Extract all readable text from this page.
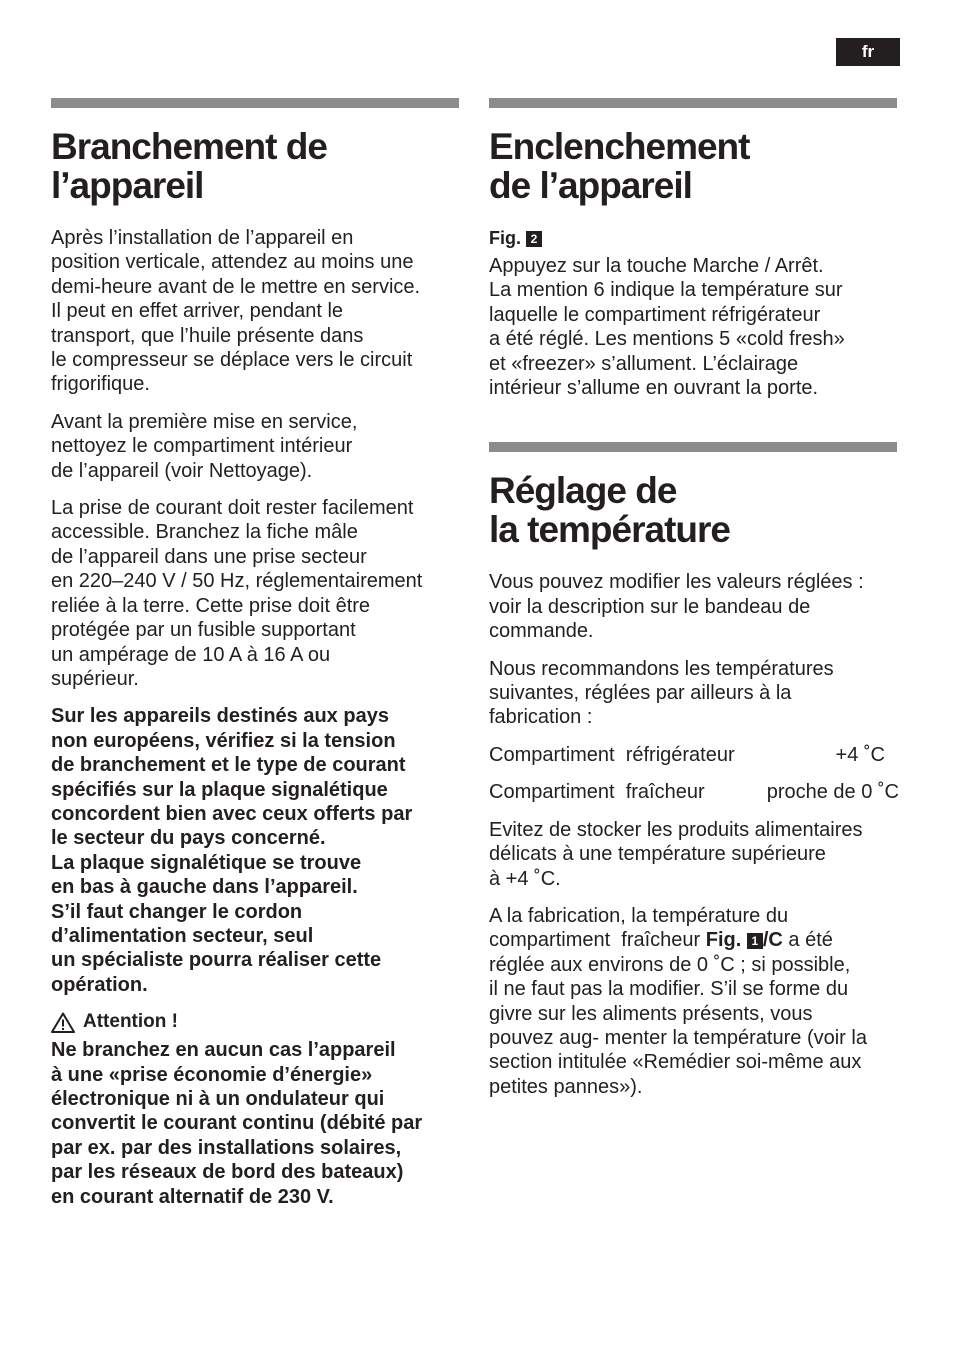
fr
Branchement de
l’appareil

Après l’installation de l’appareil en
position verticale, attendez au moins une
demi-heure avant de le mettre en service.
Il peut en effet arriver, pendant le
transport, que l’huile présente dans
le compresseur se déplace vers le circuit
frigorifique.

Avant la première mise en service,
nettoyez le compartiment intérieur
de l’appareil (voir Nettoyage).

La prise de courant doit rester facilement
accessible. Branchez la fiche mâle
de l’appareil dans une prise secteur
en 220–240 V / 50 Hz, réglementairement
reliée à la terre. Cette prise doit être
protégée par un fusible supportant
un ampérage de 10 A à 16 A ou
supérieur.

Sur les appareils destinés aux pays
non européens, vérifiez si la tension
de branchement et le type de courant
spécifiés sur la plaque signalétique
concordent bien avec ceux offerts par
le secteur du pays concerné.
La plaque signalétique se trouve
en bas à gauche dans l’appareil.
S’il faut changer le cordon
d’alimentation secteur, seul
un spécialiste pourra réaliser cette
opération.

Attention !

Ne branchez en aucun cas l’appareil
à une «prise économie d’énergie»
électronique ni à un ondulateur qui
convertit le courant continu (débité par
par ex. par des installations solaires,
par les réseaux de bord des bateaux)
en courant alternatif de 230 V.

Enclenchement
de l’appareil
Fig. 2

Appuyez sur la touche Marche / Arrêt.
La mention 6 indique la température sur
laquelle le compartiment réfrigérateur
a été réglé. Les mentions 5 «cold fresh»
et «freezer» s’allument. L’éclairage
intérieur s’allume en ouvrant la porte.

Réglage de
la température

Vous pouvez modifier les valeurs réglées :
voir la description sur le bandeau de
commande.

Nous recommandons les températures
suivantes, réglées par ailleurs à la
fabrication :

Compartiment  réfrigérateur	+4 ˚C
Compartiment  fraîcheur	proche de 0 ˚C

Evitez de stocker les produits alimentaires
délicats à une température supérieure
à +4 ˚C.

A la fabrication, la température du
compartiment  fraîcheur Fig. 1 /C a été
réglée aux environs de 0 ˚C ; si possible,
il ne faut pas la modifier. S’il se forme du
givre sur les aliments présents, vous
pouvez aug- menter la température (voir la
section intitulée «Remédier soi-même aux
petites pannes»).
